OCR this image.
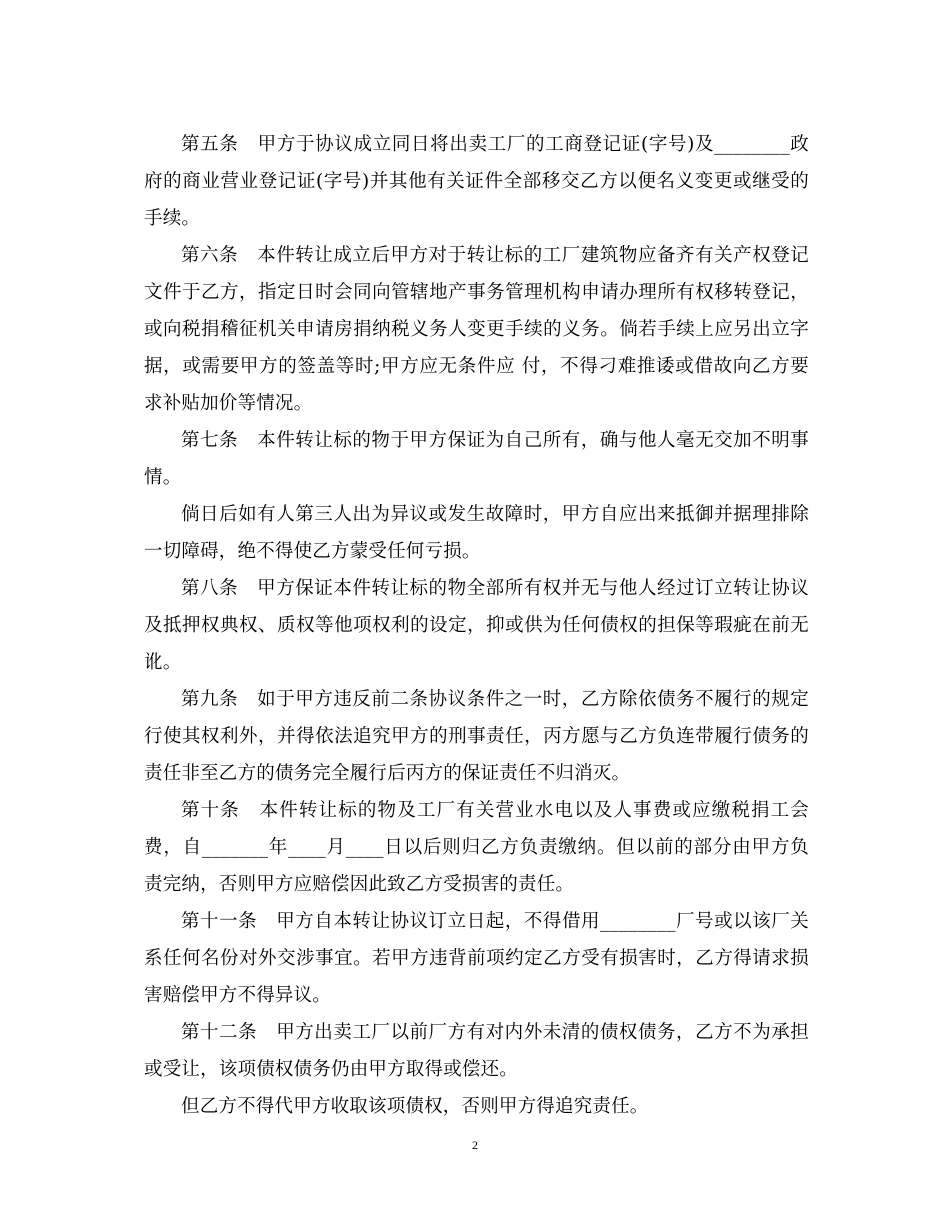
第五条　甲方于协议成立同日将出卖工厂的工商登记证(字号)及________政府的商业营业登记证(字号)并其他有关证件全部移交乙方以便名义变更或继受的手续。

第六条　本件转让成立后甲方对于转让标的工厂建筑物应备齐有关产权登记文件于乙方，指定日时会同向管辖地产事务管理机构申请办理所有权移转登记，或向税捐稽征机关申请房捐纳税义务人变更手续的义务。倘若手续上应另出立字据，或需要甲方的签盖等时;甲方应无条件应 付，不得刁难推诿或借故向乙方要求补贴加价等情况。

第七条　本件转让标的物于甲方保证为自己所有，确与他人毫无交加不明事情。

倘日后如有人第三人出为异议或发生故障时，甲方自应出来抵御并据理排除一切障碍，绝不得使乙方蒙受任何亏损。

第八条　甲方保证本件转让标的物全部所有权并无与他人经过订立转让协议及抵押权典权、质权等他项权利的设定，抑或供为任何债权的担保等瑕疵在前无讹。

第九条　如于甲方违反前二条协议条件之一时，乙方除依债务不履行的规定行使其权利外，并得依法追究甲方的刑事责任，丙方愿与乙方负连带履行债务的责任非至乙方的债务完全履行后丙方的保证责任不归消灭。

第十条　本件转让标的物及工厂有关营业水电以及人事费或应缴税捐工会费，自_______年____月____日以后则归乙方负责缴纳。但以前的部分由甲方负责完纳，否则甲方应赔偿因此致乙方受损害的责任。

第十一条　甲方自本转让协议订立日起，不得借用________厂号或以该厂关系任何名份对外交涉事宜。若甲方违背前项约定乙方受有损害时，乙方得请求损害赔偿甲方不得异议。

第十二条　甲方出卖工厂以前厂方有对内外未清的债权债务，乙方不为承担或受让，该项债权债务仍由甲方取得或偿还。

但乙方不得代甲方收取该项债权，否则甲方得追究责任。

2
